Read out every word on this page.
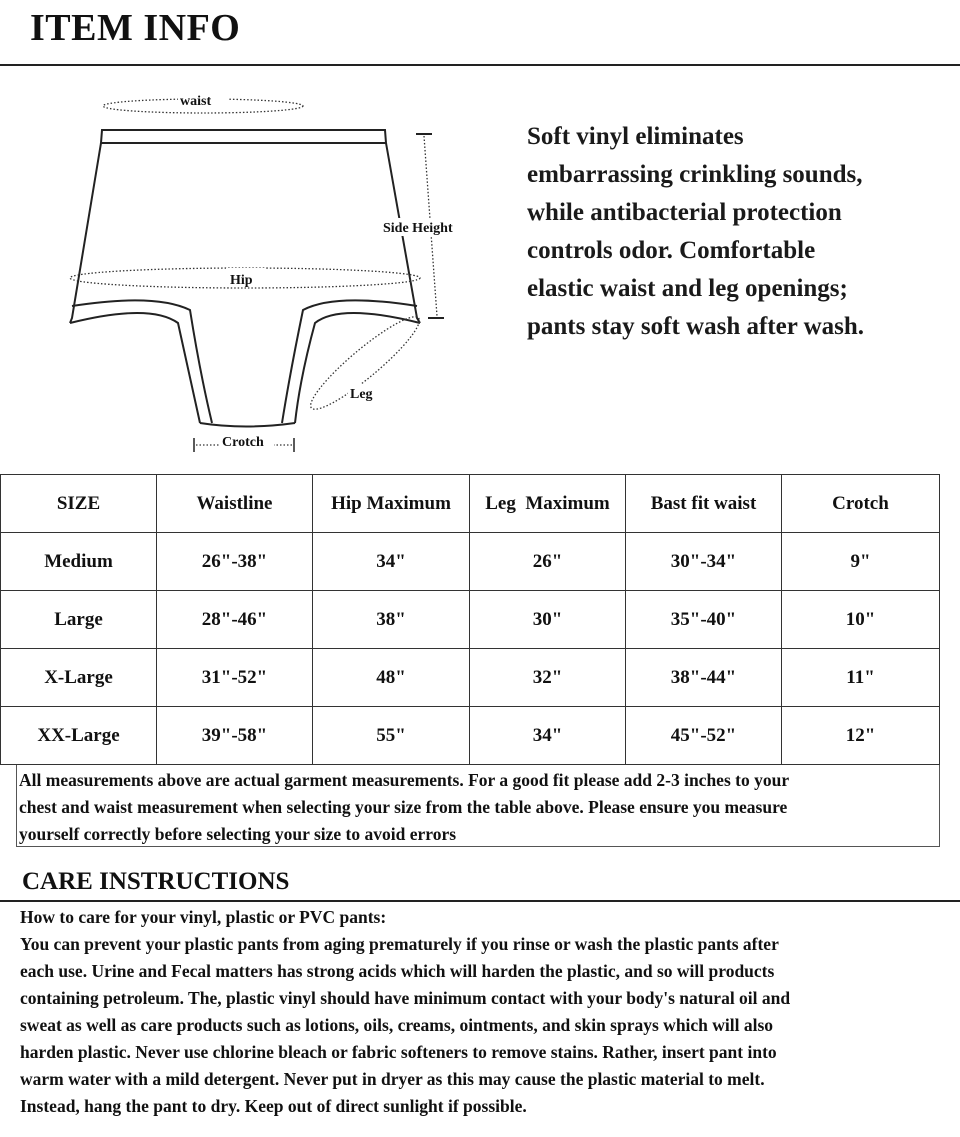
ITEM INFO
waist
Hip
Side Height
Leg
Crotch
Soft vinyl eliminates
embarrassing crinkling sounds,
while antibacterial protection
controls odor. Comfortable
elastic waist and leg openings;
pants stay soft wash after wash.
SIZE	Waistline	Hip Maximum	Leg  Maximum	Bast fit waist	Crotch
Medium	26"-38"	34"	26"	30"-34"	9"
Large	28"-46"	38"	30"	35"-40"	10"
X-Large	31"-52"	48"	32"	38"-44"	11"
XX-Large	39"-58"	55"	34"	45"-52"	12"
All measurements above are actual garment measurements. For a good fit please add 2-3 inches to your
chest and waist measurement when selecting your size from the table above. Please ensure you measure
yourself correctly before selecting your size to avoid errors
CARE INSTRUCTIONS
How to care for your vinyl, plastic or PVC pants:
You can prevent your plastic pants from aging prematurely if you rinse or wash the plastic pants after
each use. Urine and Fecal matters has strong acids which will harden the plastic, and so will products
containing petroleum. The, plastic vinyl should have minimum contact with your body's natural oil and
sweat as well as care products such as lotions, oils, creams, ointments, and skin sprays which will also
harden plastic. Never use chlorine bleach or fabric softeners to remove stains. Rather, insert pant into
warm water with a mild detergent. Never put in dryer as this may cause the plastic material to melt.
Instead, hang the pant to dry. Keep out of direct sunlight if possible.
